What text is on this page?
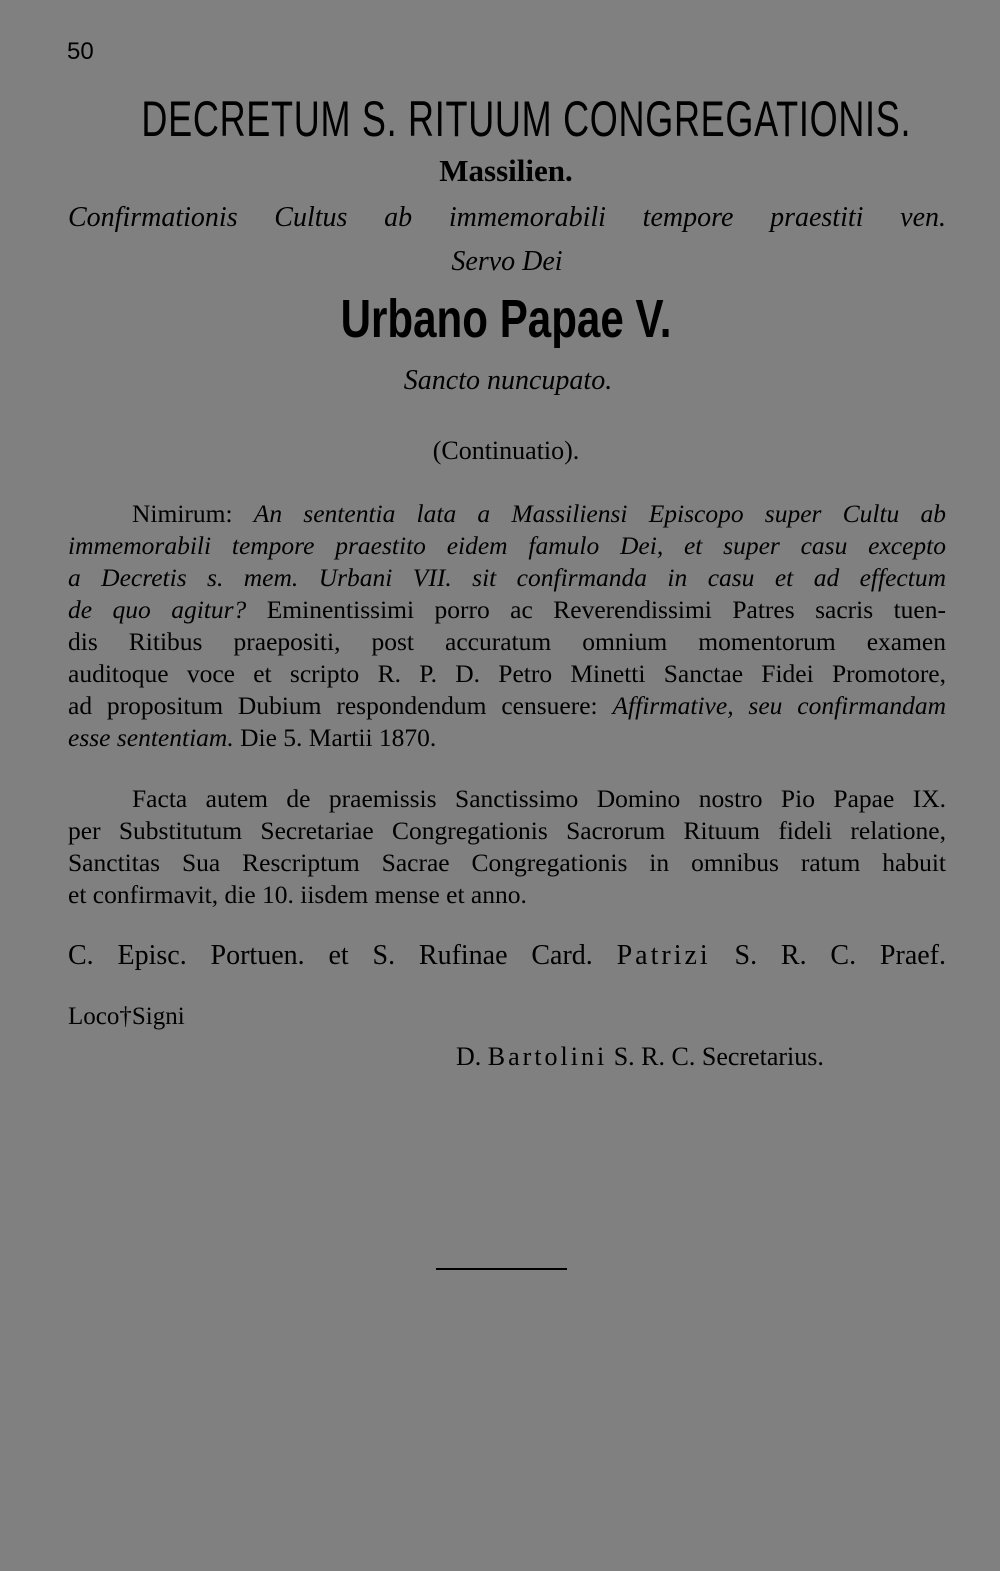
50
DECRETUM S. RITUUM CONGREGATIONIS.
Massilien.
Confirmationis Cultus ab immemorabili tempore praestiti ven.
Servo Dei
Urbano Papae V.
Sancto nuncupato.
(Continuatio).
Nimirum: An sententia lata a Massiliensi Episcopo super Cultu ab
immemorabili tempore praestito eidem famulo Dei, et super casu excepto
a Decretis s. mem. Urbani VII. sit confirmanda in casu et ad effectum
de quo agitur? Eminentissimi porro ac Reverendissimi Patres sacris tuen-
dis Ritibus praepositi, post accuratum omnium momentorum examen
auditoque voce et scripto R. P. D. Petro Minetti Sanctae Fidei Promotore,
ad propositum Dubium respondendum censuere: Affirmative, seu confirmandam
esse sententiam. Die 5. Martii 1870.
Facta autem de praemissis Sanctissimo Domino nostro Pio Papae IX.
per Substitutum Secretariae Congregationis Sacrorum Rituum fideli relatione,
Sanctitas Sua Rescriptum Sacrae Congregationis in omnibus ratum habuit
et confirmavit, die 10. iisdem mense et anno.
C. Episc. Portuen. et S. Rufinae Card. Patrizi S. R. C. Praef.
Loco†Signi
D. Bartolini S. R. C. Secretarius.
